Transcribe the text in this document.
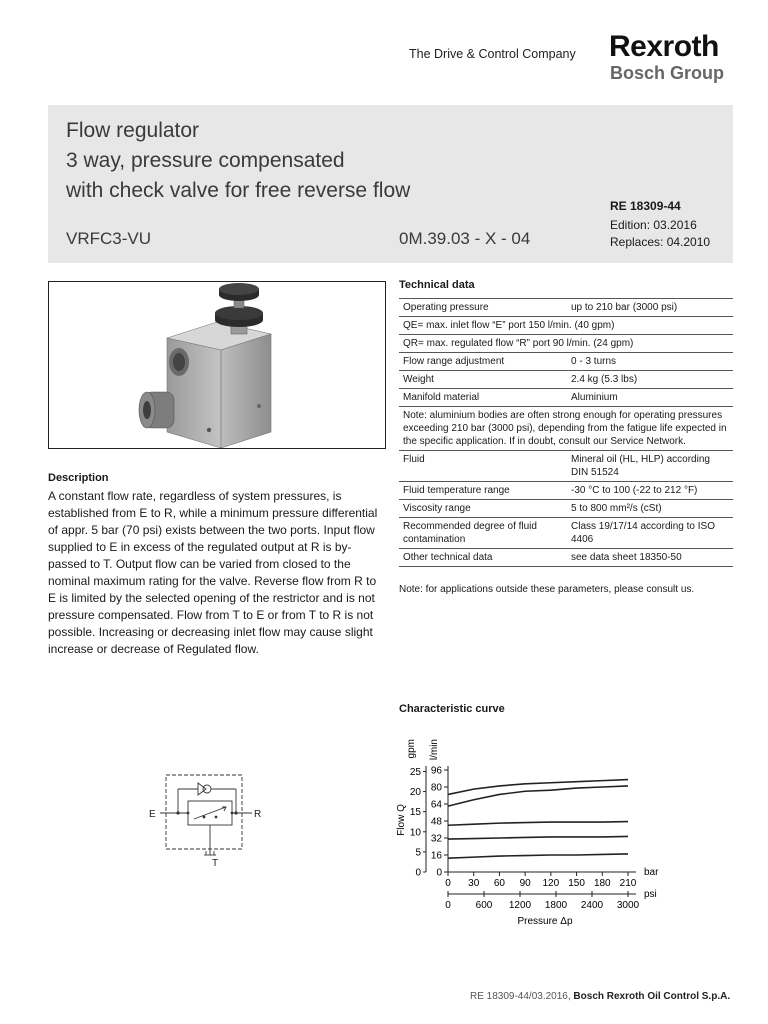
The Drive & Control Company Rexroth
Bosch Group
Flow regulator
3 way, pressure compensated
with check valve for free reverse flow
VRFC3-VU	0M.39.03 - X - 04
RE 18309-44
Edition: 03.2016
Replaces: 04.2010
Description
A constant flow rate, regardless of system pressures, is established from E to R, while a minimum pressure differential of appr. 5 bar (70 psi) exists between the two ports. Input flow supplied to E in excess of the regulated output at R is by-passed to T. Output flow can be varied from closed to the nominal maximum rating for the valve. Reverse flow from R to E is limited by the selected opening of the restrictor and is not pressure compensated. Flow from T to E or from T to R is not possible. Increasing or decreasing inlet flow may cause slight increase or decrease of Regulated flow.
Technical data
Operating pressure	up to 210 bar (3000 psi)
QE= max. inlet flow “E” port 150 l/min. (40 gpm)	
QR= max. regulated flow “R” port 90 l/min. (24 gpm)	
Flow range adjustment	0 - 3 turns
Weight	2.4 kg (5.3 lbs)
Manifold material	Aluminium
Note: aluminium bodies are often strong enough for operating pressures exceeding 210 bar (3000 psi), depending from the fatigue life expected in the specific application. If in doubt, consult our Service Network.	
Fluid	Mineral oil (HL, HLP) according DIN 51524
Fluid temperature range	-30 °C to 100 (-22 to 212 °F)
Viscosity range	5 to 800 mm²/s (cSt)
Recommended degree of fluid contamination	Class 19/17/14 according to ISO 4406
Other technical data	see data sheet 18350-50
Note: for applications outside these parameters, please consult us.
E	R
T
Characteristic curve
0
16
32
48
64
80
96
0
5
10
15
20
25
0 30 60 90 120 150 180 210
0 600 1200 1800 2400 3000
gpm l/min
Flow Q
bar
psi
Pressure Δp
RE 18309-44/03.2016, Bosch Rexroth Oil Control S.p.A.
